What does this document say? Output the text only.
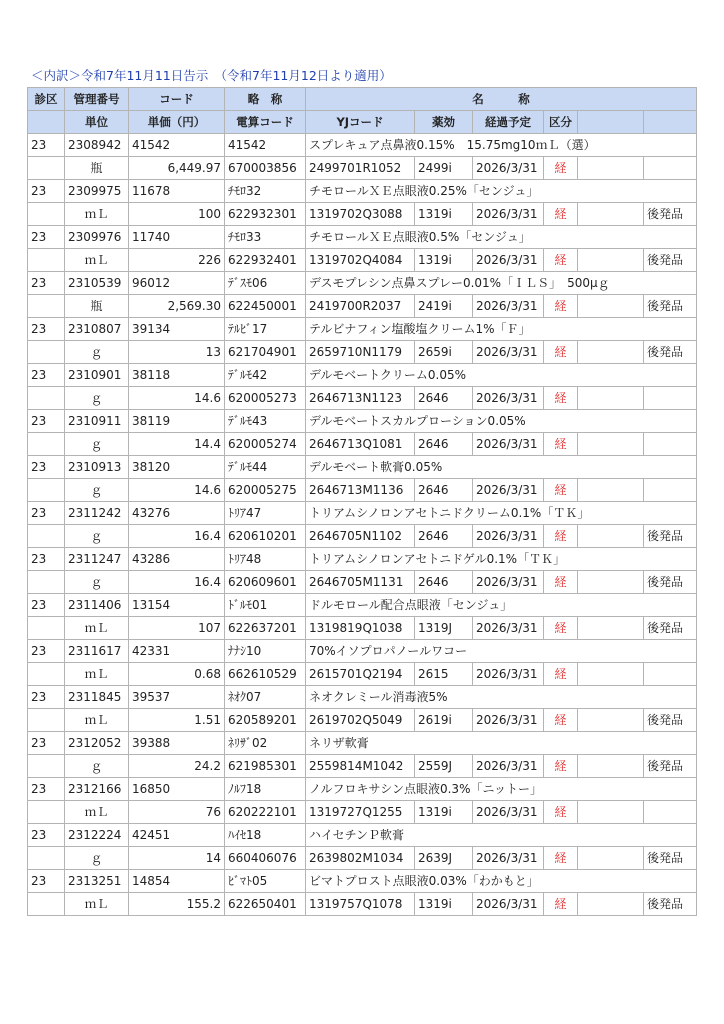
＜内訳＞令和7年11月11日告示　（令和7年11月12日より適用）
診区	管理番号	コード	略　称	名　　　称					
	単位	単価（円）	電算コード	YJコード	薬効	経過予定	区分		
23	2308942	41542	41542	スプレキュア点鼻液0.15%　15.75mg10ｍＬ（選）					
	瓶	6,449.97	670003856	2499701R1052	2499i	2026/3/31	経		
23	2309975	11678	ﾁﾓﾛ32	チモロールＸＥ点眼液0.25%「センジュ」					
	ｍＬ	100	622932301	1319702Q3088	1319i	2026/3/31	経		後発品
23	2309976	11740	ﾁﾓﾛ33	チモロールＸＥ点眼液0.5%「センジュ」					
	ｍＬ	226	622932401	1319702Q4084	1319i	2026/3/31	経		後発品
23	2310539	96012	ﾃﾞｽﾓ06	デスモプレシン点鼻スプレー0.01%「ＩＬＳ」　500μｇ					
	瓶	2,569.30	622450001	2419700R2037	2419i	2026/3/31	経		後発品
23	2310807	39134	ﾃﾙﾋﾞ17	テルビナフィン塩酸塩クリーム1%「Ｆ」					
	ｇ	13	621704901	2659710N1179	2659i	2026/3/31	経		後発品
23	2310901	38118	ﾃﾞﾙﾓ42	デルモベートクリーム0.05%					
	ｇ	14.6	620005273	2646713N1123	2646	2026/3/31	経		
23	2310911	38119	ﾃﾞﾙﾓ43	デルモベートスカルプローション0.05%					
	ｇ	14.4	620005274	2646713Q1081	2646	2026/3/31	経		
23	2310913	38120	ﾃﾞﾙﾓ44	デルモベート軟膏0.05%					
	ｇ	14.6	620005275	2646713M1136	2646	2026/3/31	経		
23	2311242	43276	ﾄﾘｱ47	トリアムシノロンアセトニドクリーム0.1%「ＴＫ」					
	ｇ	16.4	620610201	2646705N1102	2646	2026/3/31	経		後発品
23	2311247	43286	ﾄﾘｱ48	トリアムシノロンアセトニドゲル0.1%「ＴＫ」					
	ｇ	16.4	620609601	2646705M1131	2646	2026/3/31	経		後発品
23	2311406	13154	ﾄﾞﾙﾓ01	ドルモロール配合点眼液「センジュ」					
	ｍＬ	107	622637201	1319819Q1038	1319J	2026/3/31	経		後発品
23	2311617	42331	ﾅﾅｼ10	70%イソプロパノールワコー					
	ｍＬ	0.68	662610529	2615701Q2194	2615	2026/3/31	経		
23	2311845	39537	ﾈｵｸ07	ネオクレミール消毒液5%					
	ｍＬ	1.51	620589201	2619702Q5049	2619i	2026/3/31	経		後発品
23	2312052	39388	ﾈﾘｻﾞ02	ネリザ軟膏					
	ｇ	24.2	621985301	2559814M1042	2559J	2026/3/31	経		後発品
23	2312166	16850	ﾉﾙﾌ18	ノルフロキサシン点眼液0.3%「ニットー」					
	ｍＬ	76	620222101	1319727Q1255	1319i	2026/3/31	経		
23	2312224	42451	ﾊｲｾ18	ハイセチンＰ軟膏					
	ｇ	14	660406076	2639802M1034	2639J	2026/3/31	経		後発品
23	2313251	14854	ﾋﾞﾏﾄ05	ビマトプロスト点眼液0.03%「わかもと」					
	ｍＬ	155.2	622650401	1319757Q1078	1319i	2026/3/31	経		後発品
